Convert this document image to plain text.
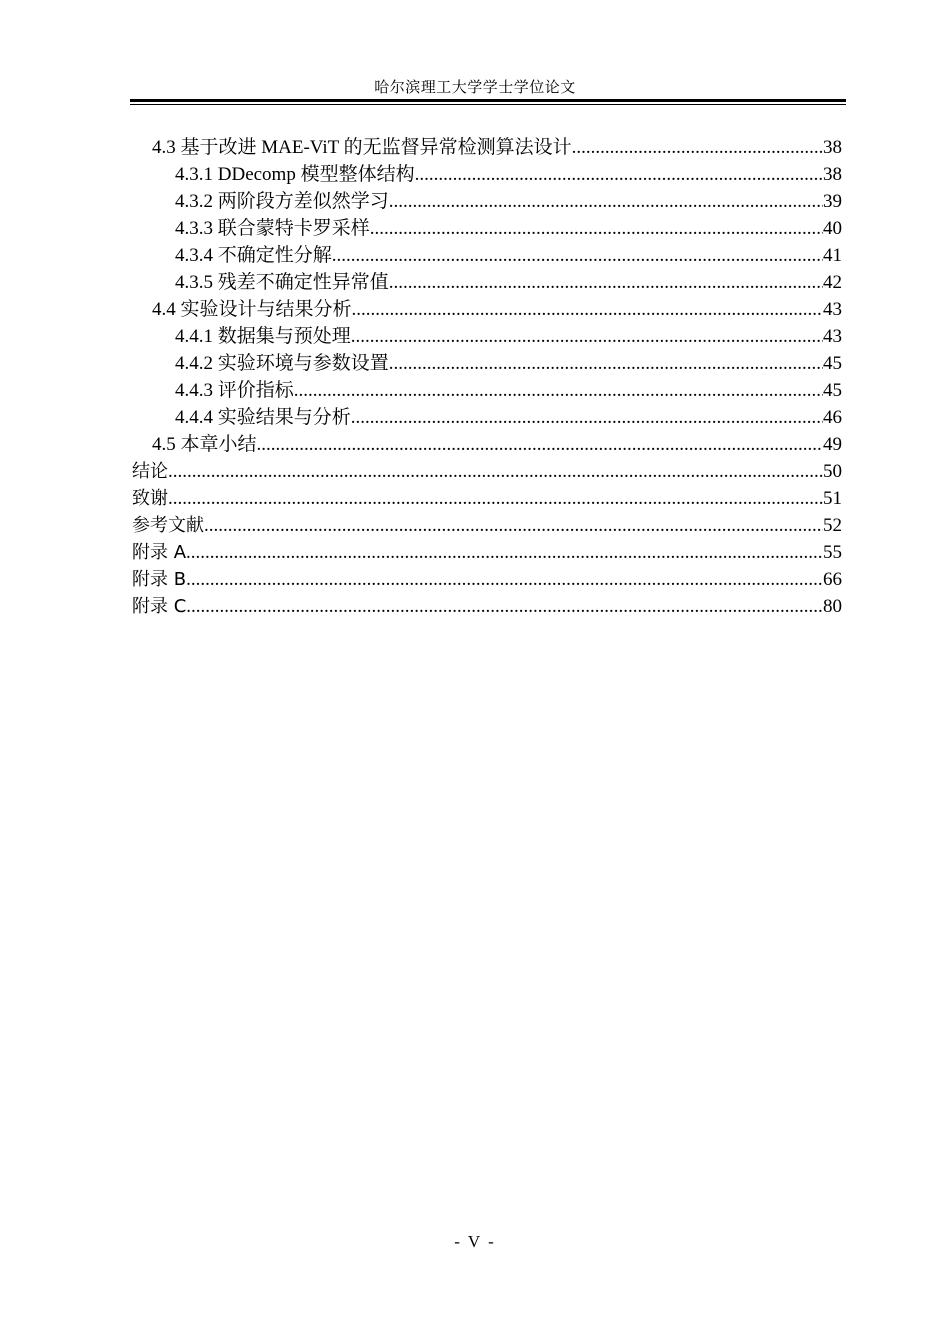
哈尔滨理工大学学士学位论文
4.3 基于改进 MAE-ViT 的无监督异常检测算法设计 .....	38
4.3.1 DDecomp 模型整体结构 .....	38
4.3.2 两阶段方差似然学习 .....	39
4.3.3 联合蒙特卡罗采样 .....	40
4.3.4 不确定性分解 .....	41
4.3.5 残差不确定性异常值 .....	42
4.4 实验设计与结果分析 .....	43
4.4.1 数据集与预处理 .....	43
4.4.2 实验环境与参数设置 .....	45
4.4.3 评价指标 .....	45
4.4.4 实验结果与分析 .....	46
4.5 本章小结 .....	49
结论 .....	50
致谢 .....	51
参考文献 .....	52
附录 A .....	55
附录 B .....	66
附录 C .....	80
- V -
